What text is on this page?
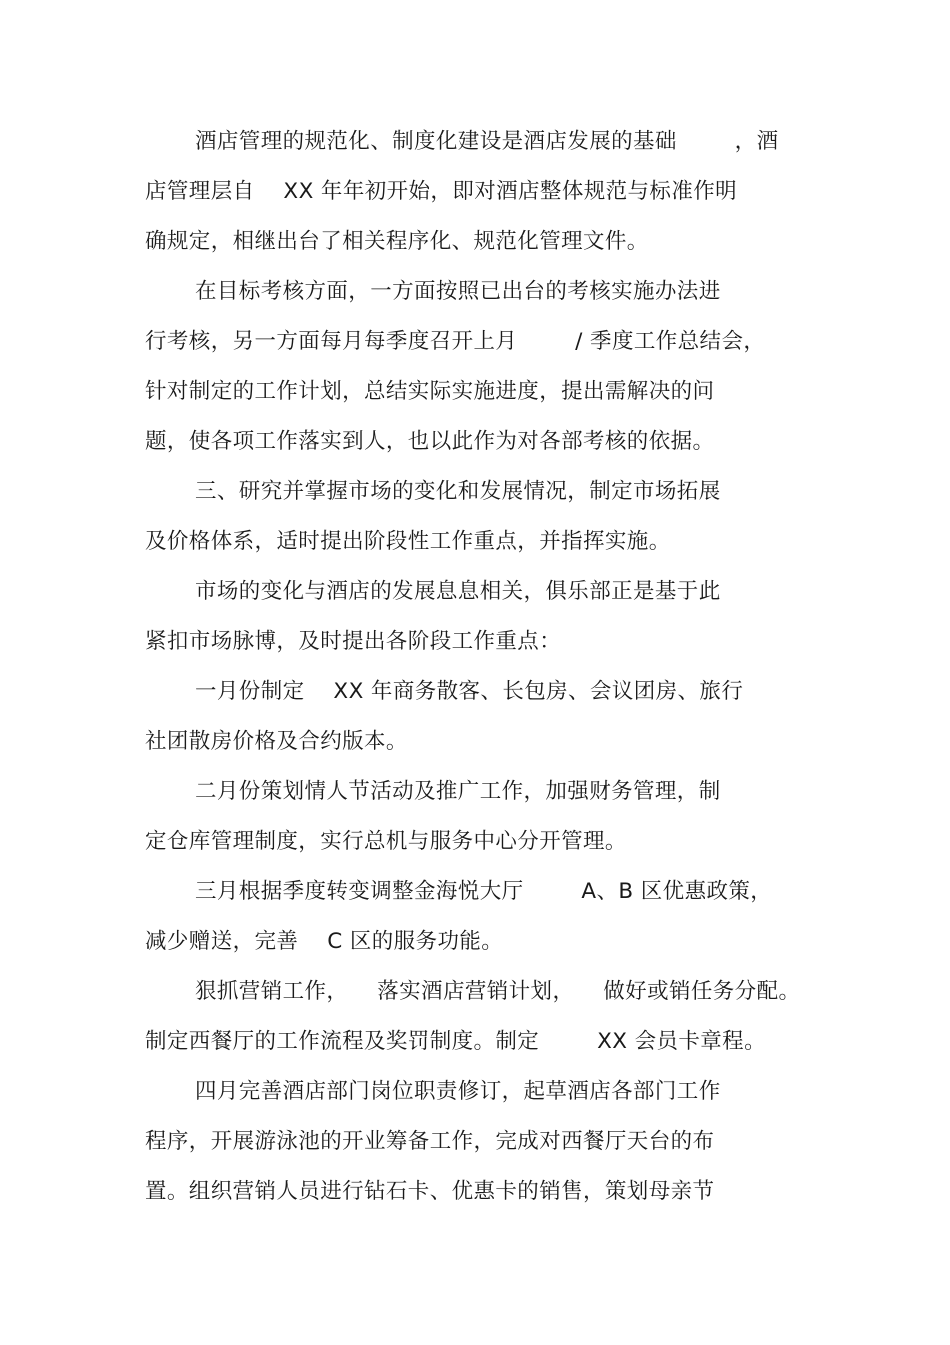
酒店管理的规范化、制度化建设是酒店发展的基础        ，酒
店管理层自    XX 年年初开始，即对酒店整体规范与标准作明
确规定，相继出台了相关程序化、规范化管理文件。
在目标考核方面，一方面按照已出台的考核实施办法进
行考核，另一方面每月每季度召开上月        / 季度工作总结会，
针对制定的工作计划，总结实际实施进度，提出需解决的问
题，使各项工作落实到人，也以此作为对各部考核的依据。
三、研究并掌握市场的变化和发展情况，制定市场拓展
及价格体系，适时提出阶段性工作重点，并指挥实施。
市场的变化与酒店的发展息息相关，俱乐部正是基于此
紧扣市场脉博，及时提出各阶段工作重点：
一月份制定    XX 年商务散客、长包房、会议团房、旅行
社团散房价格及合约版本。
二月份策划情人节活动及推广工作，加强财务管理，制
定仓库管理制度，实行总机与服务中心分开管理。
三月根据季度转变调整金海悦大厅        A、B 区优惠政策，
减少赠送，完善    C 区的服务功能。
狠抓营销工作，    落实酒店营销计划，    做好或销任务分配。
制定西餐厅的工作流程及奖罚制度。制定        XX 会员卡章程。
四月完善酒店部门岗位职责修订，起草酒店各部门工作
程序，开展游泳池的开业筹备工作，完成对西餐厅天台的布
置。组织营销人员进行钻石卡、优惠卡的销售，策划母亲节
